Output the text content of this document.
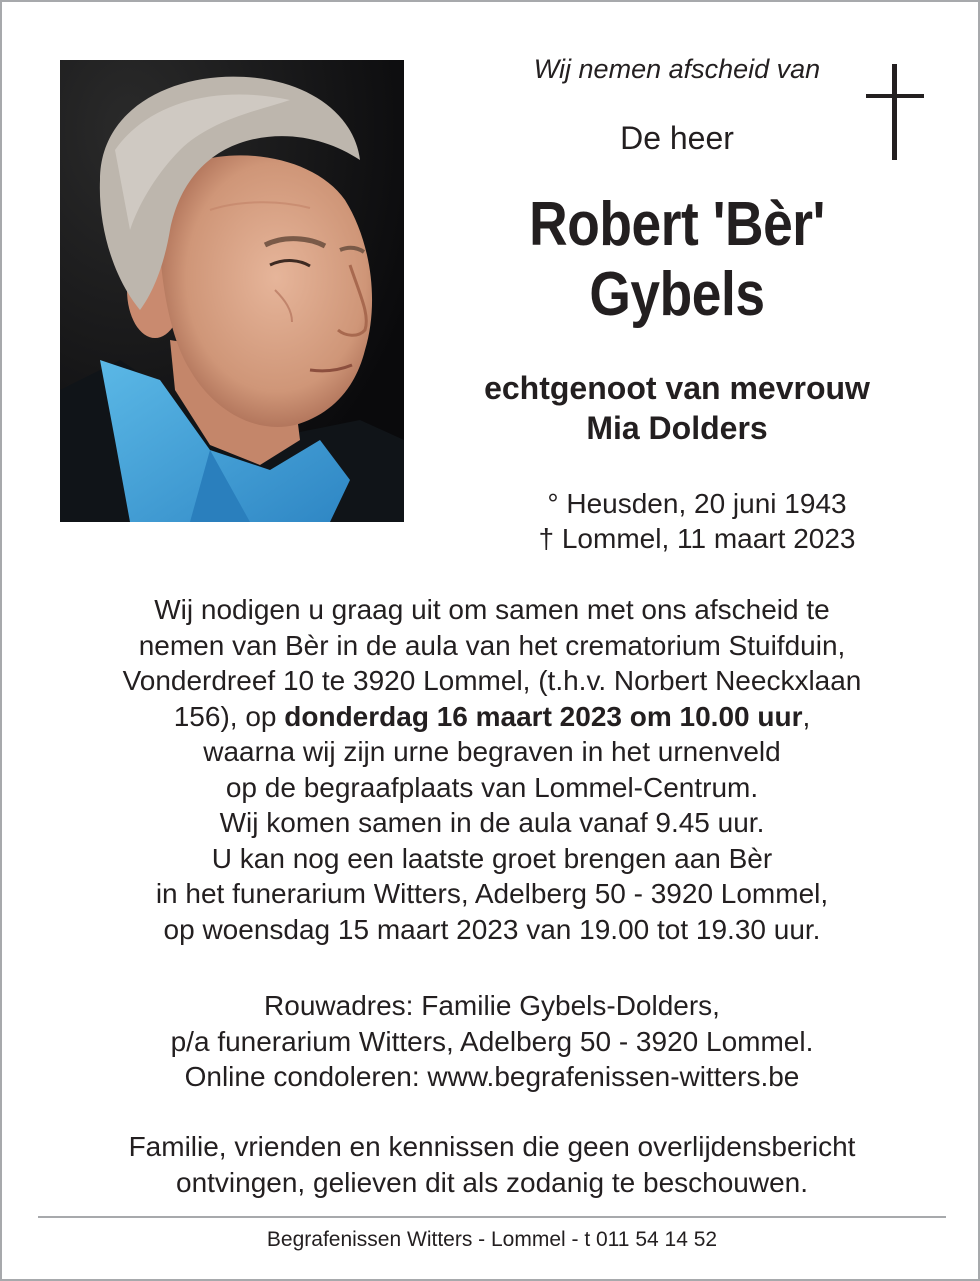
Wij nemen afscheid van
De heer
Robert 'Bèr'
Gybels
echtgenoot van mevrouw
Mia Dolders
° Heusden, 20 juni 1943
† Lommel, 11 maart 2023
Wij nodigen u graag uit om samen met ons afscheid te
nemen van Bèr in de aula van het crematorium Stuifduin,
Vonderdreef 10 te 3920 Lommel, (t.h.v. Norbert Neeckxlaan
156), op donderdag 16 maart 2023 om 10.00 uur,
waarna wij zijn urne begraven in het urnenveld
op de begraafplaats van Lommel-Centrum.
Wij komen samen in de aula vanaf 9.45 uur.
U kan nog een laatste groet brengen aan Bèr
in het funerarium Witters, Adelberg 50 - 3920 Lommel,
op woensdag 15 maart 2023 van 19.00 tot 19.30 uur.
Rouwadres: Familie Gybels-Dolders,
p/a funerarium Witters, Adelberg 50 - 3920 Lommel.
Online condoleren: www.begrafenissen-witters.be
Familie, vrienden en kennissen die geen overlijdensbericht
ontvingen, gelieven dit als zodanig te beschouwen.
Begrafenissen Witters - Lommel - t 011 54 14 52
